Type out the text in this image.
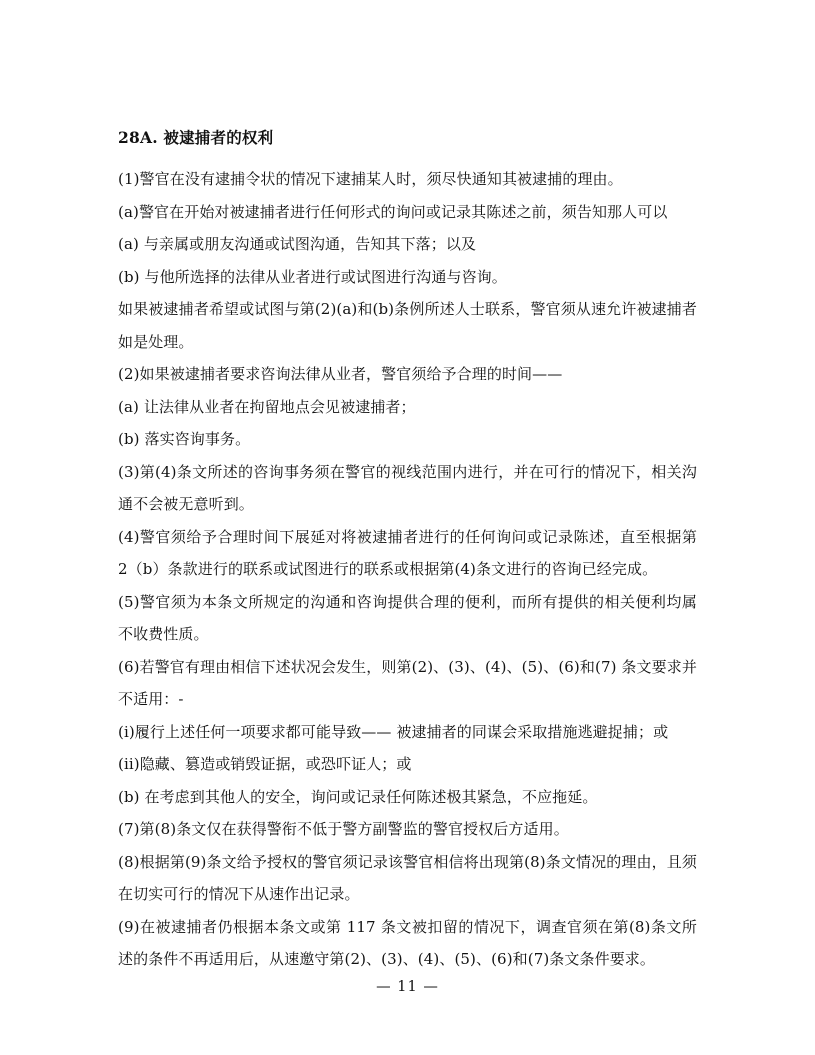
28A. 被逮捕者的权利

(1)警官在没有逮捕令状的情况下逮捕某人时，须尽快通知其被逮捕的理由。

(a)警官在开始对被逮捕者进行任何形式的询问或记录其陈述之前，须告知那人可以

(a) 与亲属或朋友沟通或试图沟通，告知其下落；以及

(b) 与他所选择的法律从业者进行或试图进行沟通与咨询。

如果被逮捕者希望或试图与第(2)(a)和(b)条例所述人士联系，警官须从速允许被逮捕者如是处理。

(2)如果被逮捕者要求咨询法律从业者，警官须给予合理的时间——

(a) 让法律从业者在拘留地点会见被逮捕者；

(b) 落实咨询事务。

(3)第(4)条文所述的咨询事务须在警官的视线范围内进行，并在可行的情况下，相关沟通不会被无意听到。

(4)警官须给予合理时间下展延对将被逮捕者进行的任何询问或记录陈述，直至根据第 2（b）条款进行的联系或试图进行的联系或根据第(4)条文进行的咨询已经完成。

(5)警官须为本条文所规定的沟通和咨询提供合理的便利，而所有提供的相关便利均属不收费性质。

(6)若警官有理由相信下述状况会发生，则第(2)、(3)、(4)、(5)、(6)和(7) 条文要求并不适用：-

(i)履行上述任何一项要求都可能导致—— 被逮捕者的同谋会采取措施逃避捉捕；或

(ii)隐藏、篡造或销毁证据，或恐吓证人；或

(b) 在考虑到其他人的安全，询问或记录任何陈述极其紧急，不应拖延。

(7)第(8)条文仅在获得警衔不低于警方副警监的警官授权后方适用。

(8)根据第(9)条文给予授权的警官须记录该警官相信将出现第(8)条文情况的理由，且须在切实可行的情况下从速作出记录。

(9)在被逮捕者仍根据本条文或第 117 条文被扣留的情况下，调查官须在第(8)条文所述的条件不再适用后，从速邀守第(2)、(3)、(4)、(5)、(6)和(7)条文条件要求。

— 11 —
